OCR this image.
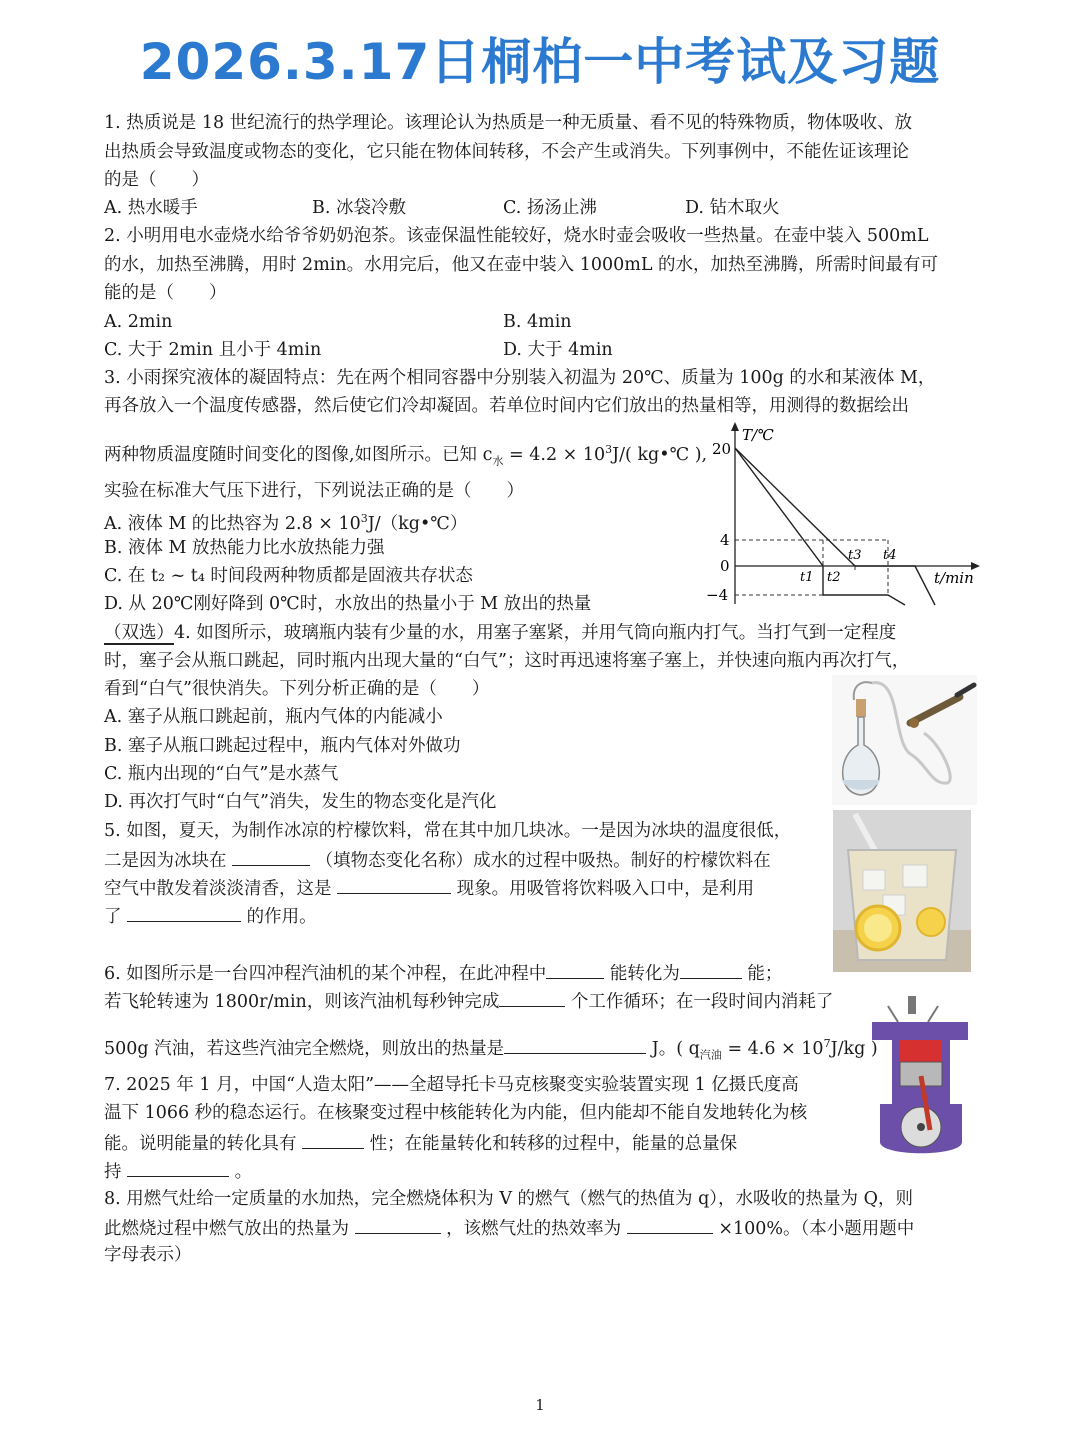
2026.3.17日桐柏一中考试及习题
1. 热质说是 18 世纪流行的热学理论。该理论认为热质是一种无质量、看不见的特殊物质，物体吸收、放
出热质会导致温度或物态的变化，它只能在物体间转移，不会产生或消失。下列事例中，不能佐证该理论
的是（　　）
A. 热水暖手	B. 冰袋冷敷	C. 扬汤止沸	D. 钻木取火
2. 小明用电水壶烧水给爷爷奶奶泡茶。该壶保温性能较好，烧水时壶会吸收一些热量。在壶中装入 500mL
的水，加热至沸腾，用时 2min。水用完后，他又在壶中装入 1000mL 的水，加热至沸腾，所需时间最有可
能的是（　　）
A. 2min	B. 4min
C. 大于 2min 且小于 4min	D. 大于 4min
3. 小雨探究液体的凝固特点：先在两个相同容器中分别装入初温为 20℃、质量为 100g 的水和某液体 M，
再各放入一个温度传感器，然后使它们冷却凝固。若单位时间内它们放出的热量相等，用测得的数据绘出
两种物质温度随时间变化的图像,如图所示。已知 $c_水 = 4.2 \times 10^3J/$( kg•℃ ),
实验在标准大气压下进行，下列说法正确的是（　　）
A. 液体 M 的比热容为 $2.8 \times 10^3J/(kg•℃)$
B. 液体 M 放热能力比水放热能力强
C. 在 t₂ ~ t₄ 时间段两种物质都是固液共存状态
D. 从 20℃刚好降到 0℃时，水放出的热量小于 M 放出的热量
T/℃
20
4
0
−4
t/min
t1 t2
t3 t4
（双选）4. 如图所示，玻璃瓶内装有少量的水，用塞子塞紧，并用气筒向瓶内打气。当打气到一定程度
时，塞子会从瓶口跳起，同时瓶内出现大量的“白气”；这时再迅速将塞子塞上，并快速向瓶内再次打气，
看到“白气”很快消失。下列分析正确的是（　　）
A. 塞子从瓶口跳起前，瓶内气体的内能减小
B. 塞子从瓶口跳起过程中，瓶内气体对外做功
C. 瓶内出现的“白气”是水蒸气
D. 再次打气时“白气”消失，发生的物态变化是汽化
5. 如图，夏天，为制作冰凉的柠檬饮料，常在其中加几块冰。一是因为冰块的温度很低，
二是因为冰块在	（填物态变化名称）成水的过程中吸热。制好的柠檬饮料在
空气中散发着淡淡清香，这是	现象。用吸管将饮料吸入口中，是利用
了	的作用。
6. 如图所示是一台四冲程汽油机的某个冲程，在此冲程中	能转化为	能；
若飞轮转速为 1800r/min，则该汽油机每秒钟完成	个工作循环；在一段时间内消耗了
500g 汽油，若这些汽油完全燃烧，则放出的热量是	J。( $q_{汽油} = 4.6 \times 10^7J/kg$ )
7. 2025 年 1 月，中国“人造太阳”——全超导托卡马克核聚变实验装置实现 1 亿摄氏度高
温下 1066 秒的稳态运行。在核聚变过程中核能转化为内能，但内能却不能自发地转化为核
能。说明能量的转化具有	性；在能量转化和转移的过程中，能量的总量保
持	。
8. 用燃气灶给一定质量的水加热，完全燃烧体积为 V 的燃气（燃气的热值为 q），水吸收的热量为 Q，则
此燃烧过程中燃气放出的热量为	，该燃气灶的热效率为	×100%。（本小题用题中
字母表示）
1
